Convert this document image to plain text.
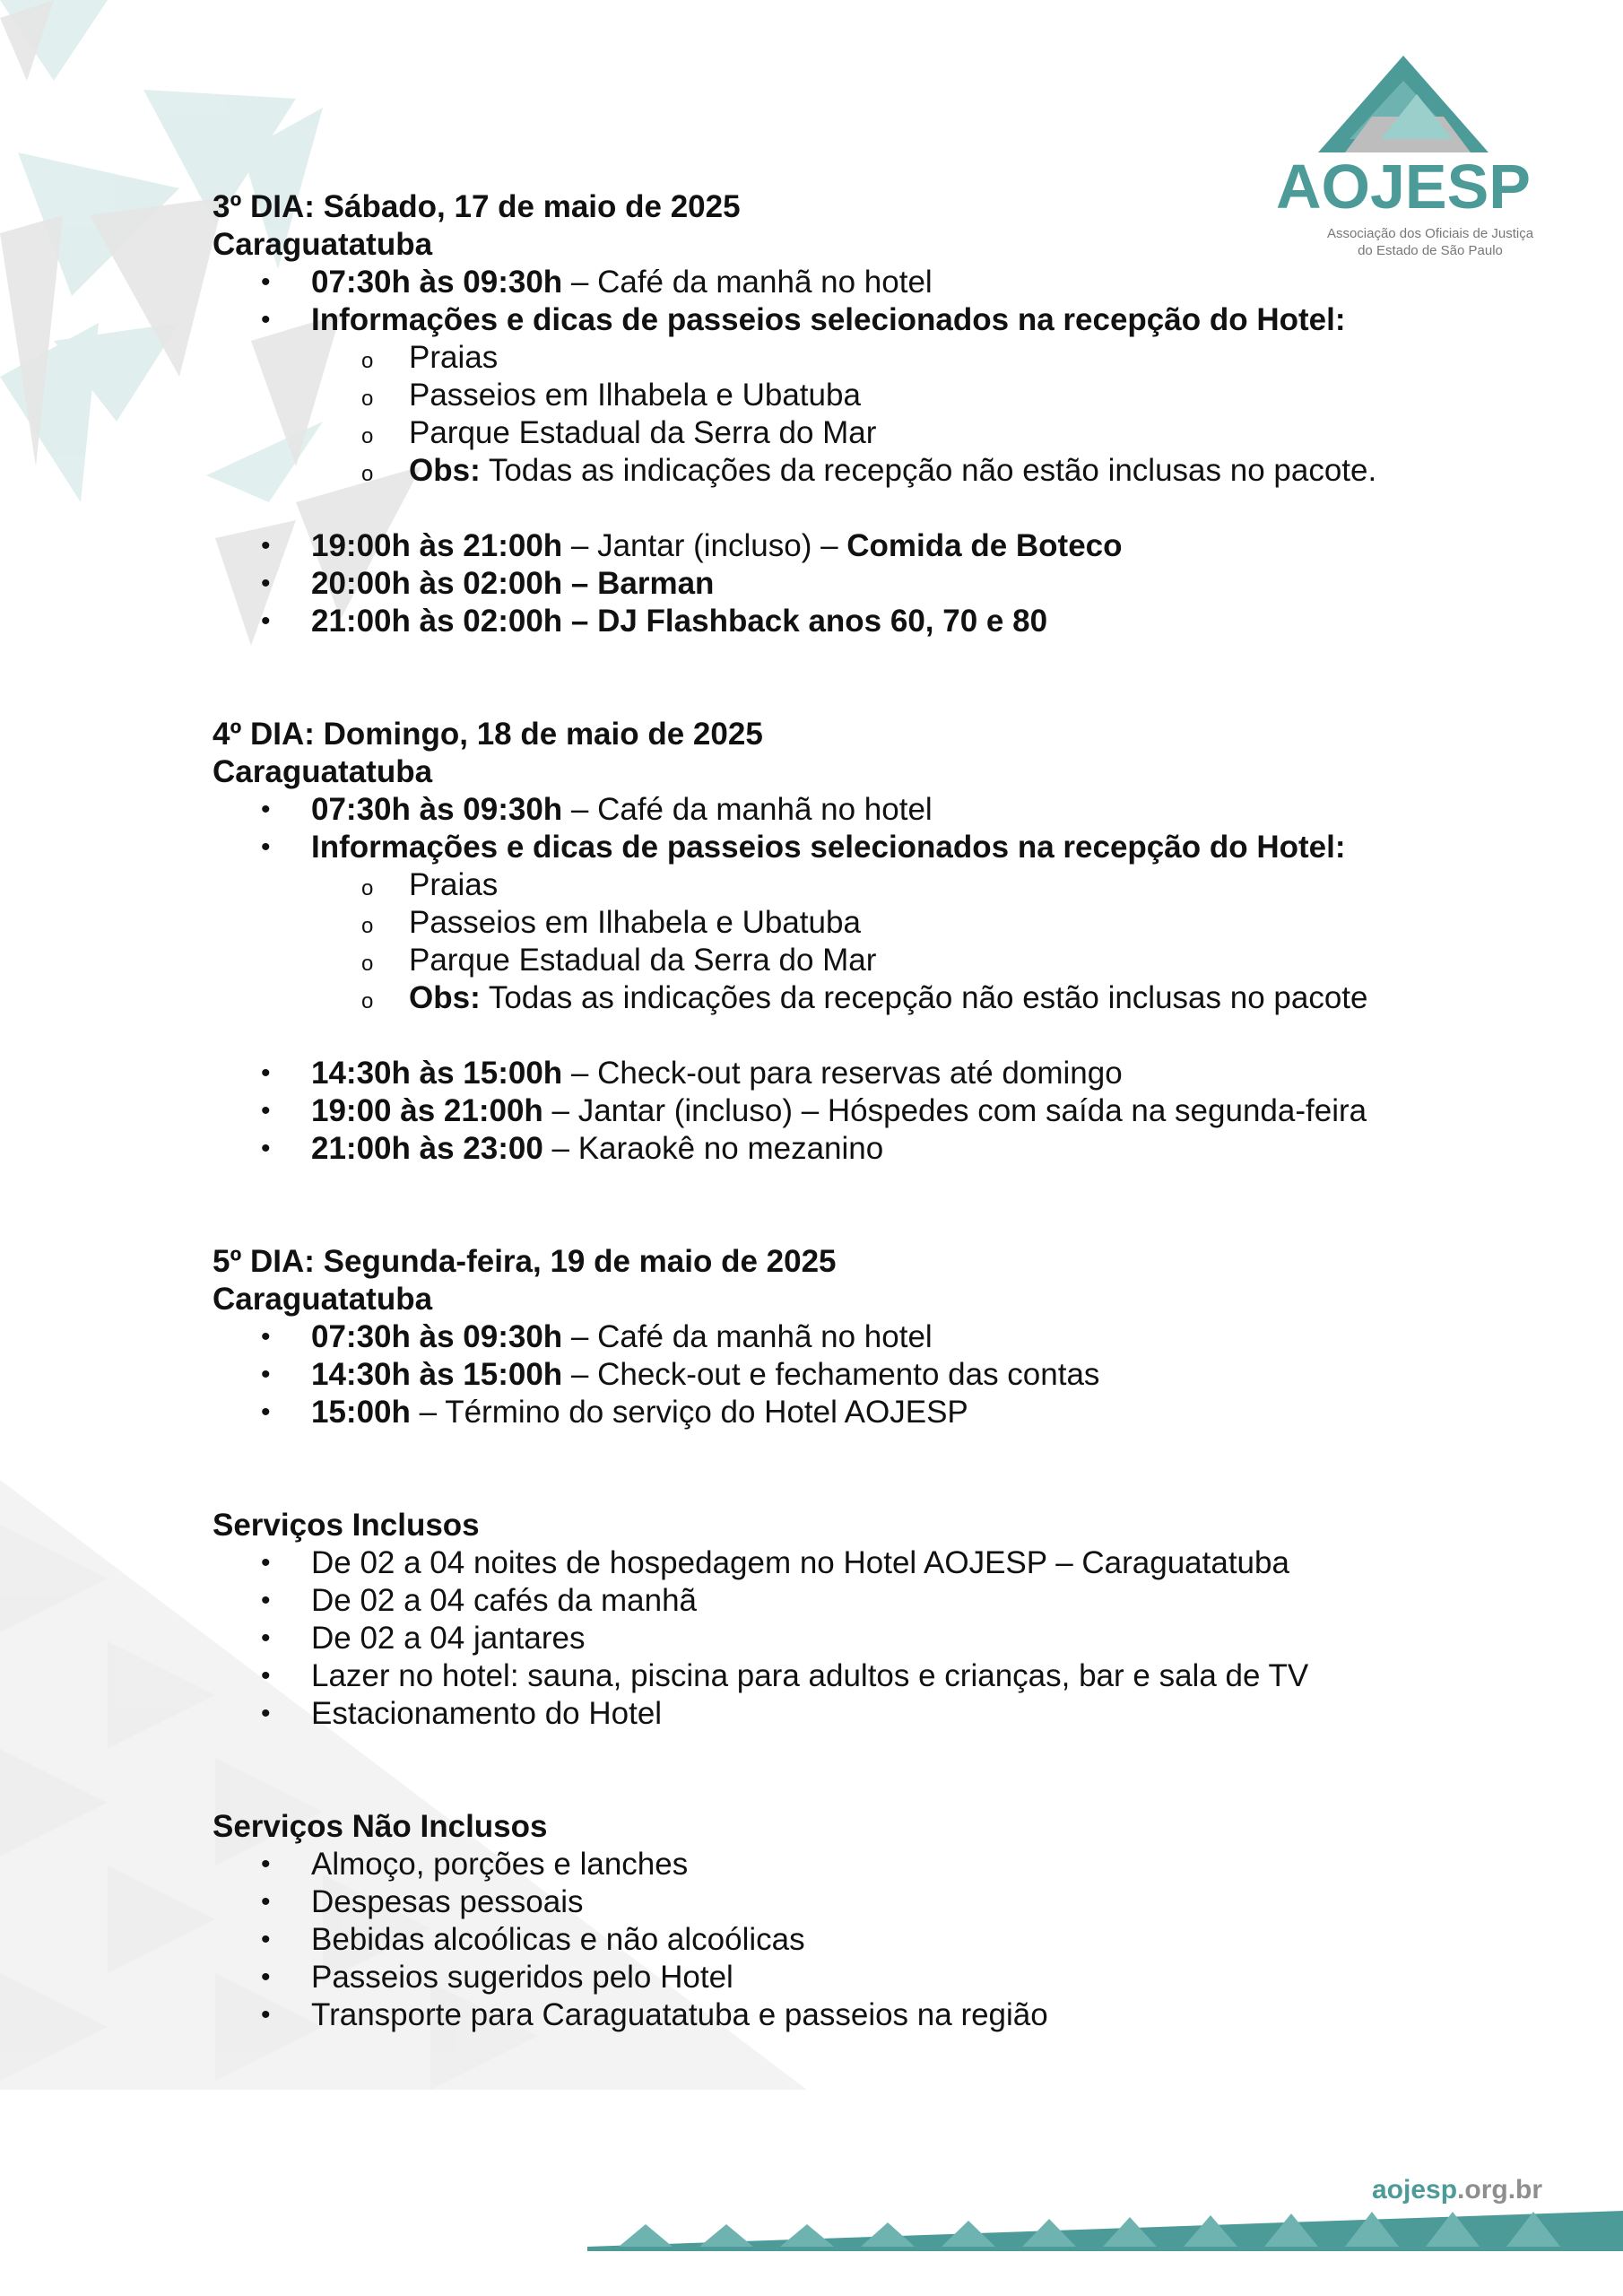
AOJESP
Associação dos Oficiais de Justiça
do Estado de São Paulo
3º DIA: Sábado, 17 de maio de 2025
Caraguatatuba
• 07:30h às 09:30h – Café da manhã no hotel
• Informações e dicas de passeios selecionados na recepção do Hotel:
o Praias
o Passeios em Ilhabela e Ubatuba
o Parque Estadual da Serra do Mar
o Obs: Todas as indicações da recepção não estão inclusas no pacote.
• 19:00h às 21:00h – Jantar (incluso) – Comida de Boteco
• 20:00h às 02:00h – Barman
• 21:00h às 02:00h – DJ Flashback anos 60, 70 e 80
4º DIA: Domingo, 18 de maio de 2025
Caraguatatuba
• 07:30h às 09:30h – Café da manhã no hotel
• Informações e dicas de passeios selecionados na recepção do Hotel:
o Praias
o Passeios em Ilhabela e Ubatuba
o Parque Estadual da Serra do Mar
o Obs: Todas as indicações da recepção não estão inclusas no pacote
• 14:30h às 15:00h – Check-out para reservas até domingo
• 19:00 às 21:00h – Jantar (incluso) – Hóspedes com saída na segunda-feira
• 21:00h às 23:00 – Karaokê no mezanino
5º DIA: Segunda-feira, 19 de maio de 2025
Caraguatatuba
• 07:30h às 09:30h – Café da manhã no hotel
• 14:30h às 15:00h – Check-out e fechamento das contas
• 15:00h – Término do serviço do Hotel AOJESP
Serviços Inclusos
• De 02 a 04 noites de hospedagem no Hotel AOJESP – Caraguatatuba
• De 02 a 04 cafés da manhã
• De 02 a 04 jantares
• Lazer no hotel: sauna, piscina para adultos e crianças, bar e sala de TV
• Estacionamento do Hotel
Serviços Não Inclusos
• Almoço, porções e lanches
• Despesas pessoais
• Bebidas alcoólicas e não alcoólicas
• Passeios sugeridos pelo Hotel
• Transporte para Caraguatatuba e passeios na região
aojesp.org.br
